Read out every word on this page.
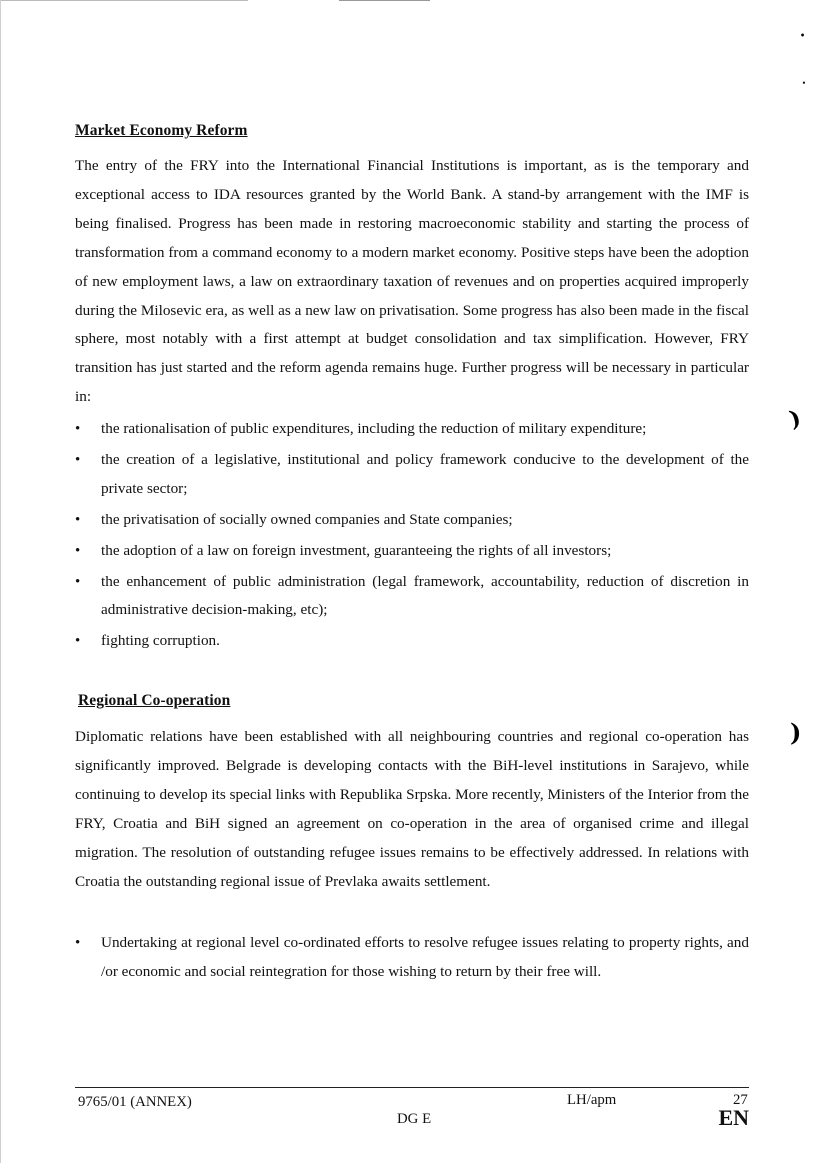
•
•
)
)
Market Economy Reform

The entry of the FRY into the International Financial Institutions is important, as is the temporary and exceptional access to IDA resources granted by the World Bank. A stand-by arrangement with the IMF is being finalised. Progress has been made in restoring macroeconomic stability and starting the process of transformation from a command economy to a modern market economy. Positive steps have been the adoption of new employment laws, a law on extraordinary taxation of revenues and on properties acquired improperly during the Milosevic era, as well as a new law on privatisation. Some progress has also been made in the fiscal sphere, most notably with a first attempt at budget consolidation and tax simplification. However, FRY transition has just started and the reform agenda remains huge. Further progress will be necessary in particular in:

• the rationalisation of public expenditures, including the reduction of military expenditure;
• the creation of a legislative, institutional and policy framework conducive to the development of the private sector;
• the privatisation of socially owned companies and State companies;
• the adoption of a law on foreign investment, guaranteeing the rights of all investors;
• the enhancement of public administration (legal framework, accountability, reduction of discretion in administrative decision-making, etc);
• fighting corruption.
Regional Co-operation

Diplomatic relations have been established with all neighbouring countries and regional co-operation has significantly improved. Belgrade is developing contacts with the BiH-level institutions in Sarajevo, while continuing to develop its special links with Republika Srpska. More recently, Ministers of the Interior from the FRY, Croatia and BiH signed an agreement on co-operation in the area of organised crime and illegal migration. The resolution of outstanding refugee issues remains to be effectively addressed. In relations with Croatia the outstanding regional issue of Prevlaka awaits settlement.

• Undertaking at regional level co-ordinated efforts to resolve refugee issues relating to property rights, and /or economic and social reintegration for those wishing to return by their free will.
9765/01 (ANNEX)	LH/apm	27
DG E	EN
